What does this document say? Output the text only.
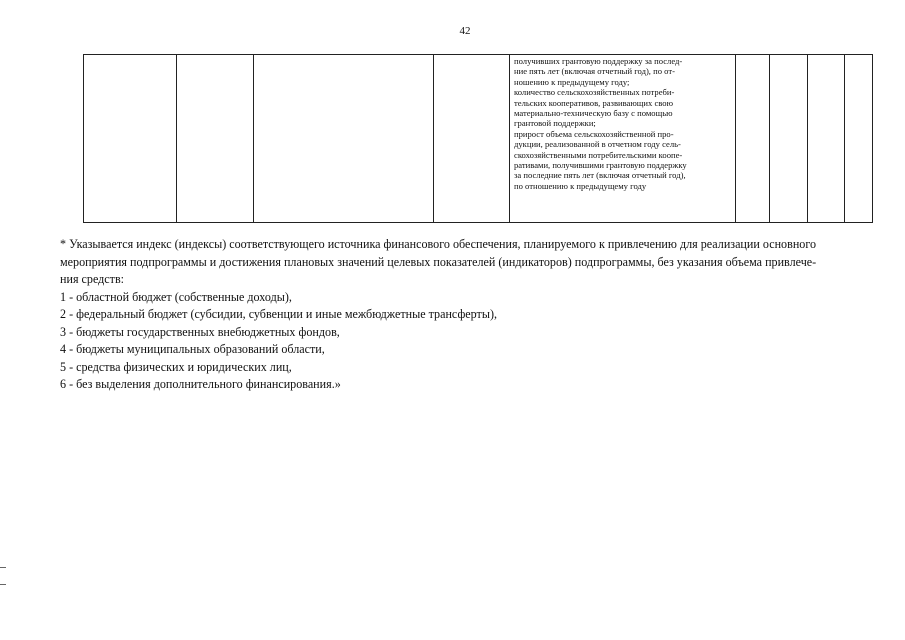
42
получивших грантовую поддержку за послед-
ние пять лет (включая отчетный год), по от-
ношению к предыдущему году;
количество сельскохозяйственных потреби-
тельских кооперативов, развивающих свою
материально-техническую базу с помощью
грантовой поддержки;
прирост объема сельскохозяйственной про-
дукции, реализованной в отчетном году сель-
скохозяйственными потребительскими коопе-
ративами, получившими грантовую поддержку
за последние пять лет (включая отчетный год),
по отношению к предыдущему году
* Указывается индекс (индексы) соответствующего источника финансового обеспечения, планируемого к привлечению для реализации основного
мероприятия подпрограммы и достижения плановых значений целевых показателей (индикаторов) подпрограммы, без указания объема привлече-
ния средств:
1 - областной бюджет (собственные доходы),
2 - федеральный бюджет (субсидии, субвенции и иные межбюджетные трансферты),
3 - бюджеты государственных внебюджетных фондов,
4 - бюджеты муниципальных образований области,
5 - средства физических и юридических лиц,
6 - без выделения дополнительного финансирования.»
